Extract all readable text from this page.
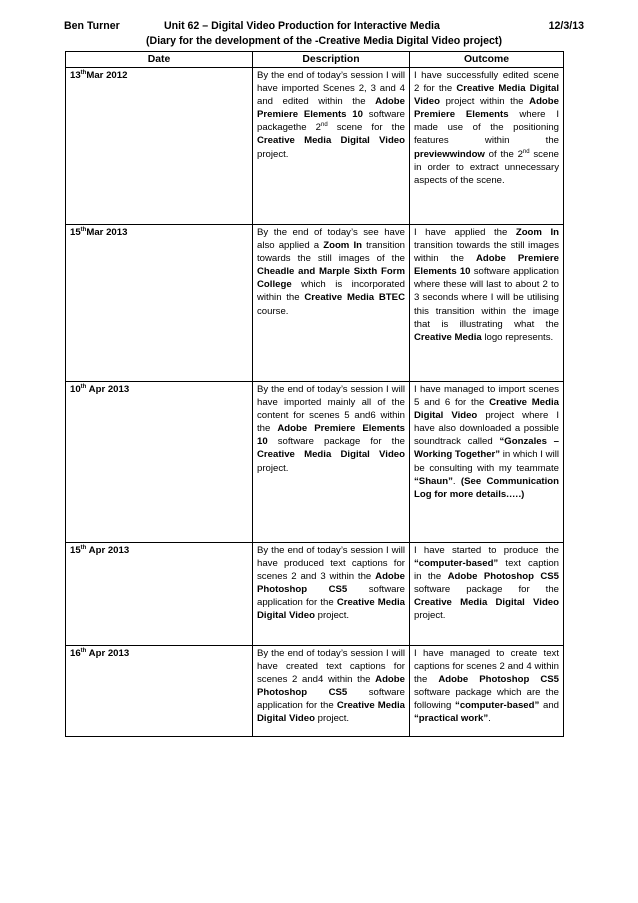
Ben Turner	Unit 62 – Digital Video Production for Interactive Media	12/3/13
(Diary for the development of the -Creative Media Digital Video project)
Date	Description	Outcome
13thMar 2012	By the end of today’s session I will have imported Scenes 2, 3 and 4 and edited within the Adobe Premiere Elements 10 software packagethe 2nd scene for the Creative Media Digital Video project.	I have successfully edited scene 2 for the Creative Media Digital Video project within the Adobe Premiere Elements where I made use of the positioning features within the previewwindow of the 2nd scene in order to extract unnecessary aspects of the scene.
15thMar 2013	By the end of today’s see have also applied a Zoom In transition towards the still images of the Cheadle and Marple Sixth Form College which is incorporated within the Creative Media BTEC course.	I have applied the Zoom In transition towards the still images within the Adobe Premiere Elements 10 software application where these will last to about 2 to 3 seconds where I will be utilising this transition within the image that is illustrating what the Creative Media logo represents.
10th Apr 2013	By the end of today’s session I will have imported mainly all of the content for scenes 5 and6 within the Adobe Premiere Elements 10 software package for the Creative Media Digital Video project.	I have managed to import scenes 5 and 6 for the Creative Media Digital Video project where I have also downloaded a possible soundtrack called “Gonzales – Working Together” in which I will be consulting with my teammate “Shaun”. (See Communication Log for more details.….)
15th Apr 2013	By the end of today’s session I will have produced text captions for scenes 2 and 3 within the Adobe Photoshop CS5 software application for the Creative Media Digital Video project.	I have started to produce the “computer-based” text caption in the Adobe Photoshop CS5 software package for the Creative Media Digital Video project.
16th Apr 2013	By the end of today’s session I will have created text captions for scenes 2 and4 within the Adobe Photoshop CS5 software application for the Creative Media Digital Video project.	I have managed to create text captions for scenes 2 and 4 within the Adobe Photoshop CS5 software package which are the following “computer-based” and “practical work”.
